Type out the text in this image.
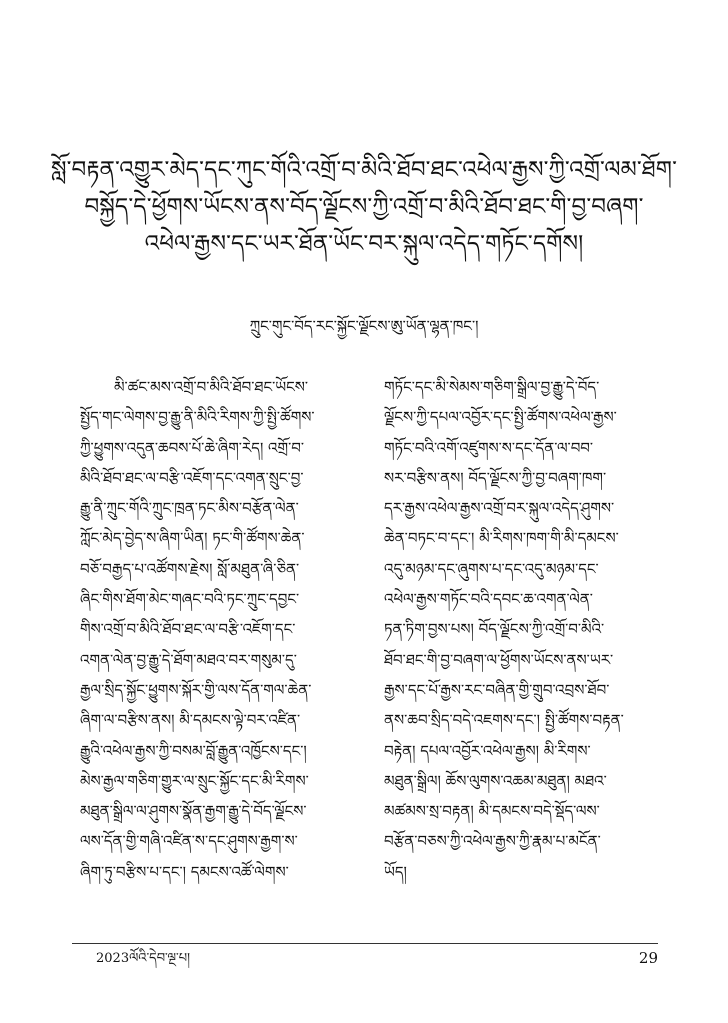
སློ་བརྟན་འགྱུར་མེད་དང་ཀུང་གོའི་འགྲོ་བ་མིའི་ཐོབ་ཐང་འཕེལ་རྒྱས་ཀྱི་འགྲོ་ལམ་ཐོག་
བསྐྱོད་དེ་ཕྱོགས་ཡོངས་ནས་བོད་ལྗོངས་ཀྱི་འགྲོ་བ་མིའི་ཐོབ་ཐང་གི་བྱ་བཞག་
འཕེལ་རྒྱས་དང་ཡར་ཐོན་ཡོང་བར་སྐུལ་འདེད་གཏོང་དགོས།
ཀྲུང་གུང་བོད་རང་སྐྱོང་ལྗོངས་ཨུ་ཡོན་ལྷན་ཁང་།
མི་ཚང་མས་འགྲོ་བ་མིའི་ཐོབ་ཐང་ཡོངས་
སྤྱོད་གང་ལེགས་བྱ་རྒྱུ་ནི་མིའི་རིགས་ཀྱི་སྤྱི་ཚོགས་
ཀྱི་ཕྱུགས་འདུན་ཆབས་པོ་ཆེ་ཞིག་རེད། འགྲོ་བ་
མིའི་ཐོབ་ཐང་ལ་བརྩི་འཇོག་དང་འགན་སྲུང་བྱ་
རྒྱུ་ནི་ཀྲུང་གོའི་ཀྲུང་ཁྲན་ཏང་མིས་བརྩོན་ལེན་
ཀློང་མེད་བྱེད་ས་ཞིག་ཡིན། ཏང་གི་ཚོགས་ཆེན་
བཅོ་བརྒྱད་པ་འཚོགས་རྗེས། སློ་མཐུན་ཞི་ཅིན་
ཞིང་གིས་ཐོག་མེང་གཞང་བའི་ཏང་ཀྲུང་དབྱང་
གིས་འགྲོ་བ་མིའི་ཐོབ་ཐང་ལ་བརྩི་འཇོག་དང་
འགན་ལེན་བྱ་རྒྱུ་དེ་ཐོག་མཐའ་བར་གསུམ་དུ་
རྒྱལ་སྲིད་སྐྱོང་ཕྱུགས་སྐོར་གྱི་ལས་དོན་གལ་ཆེན་
ཞིག་ལ་བརྩིས་ནས། མི་དམངས་ལྟེ་བར་འཛིན་
རྒྱུའི་འཕེལ་རྒྱས་ཀྱི་བསམ་བློ་རྒྱུན་འཁྱོངས་དང་།
མེས་རྒྱལ་གཅིག་གྱུར་ལ་སྲུང་སྐྱོང་དང་མི་རིགས་
མཐུན་སྒྲིལ་ལ་ཤུགས་སྣོན་རྒྱག་རྒྱུ་དེ་བོད་ལྗོངས་
ལས་དོན་གྱི་གཞི་འཛིན་ས་དང་ཤུགས་རྒྱག་ས་
ཞིག་ཏུ་བརྩིས་པ་དང་། དམངས་འཚོ་ལེགས་
གཏོང་དང་མི་སེམས་གཅིག་སྒྲིལ་བྱ་རྒྱུ་དེ་བོད་
ལྗོངས་ཀྱི་དཔལ་འབྱོར་དང་སྤྱི་ཚོགས་འཕེལ་རྒྱས་
གཏོང་བའི་འགོ་འཛུགས་ས་དང་དོན་ལ་བབ་
སར་བརྩིས་ནས། བོད་ལྗོངས་ཀྱི་བྱ་བཞག་ཁག་
དར་རྒྱས་འཕེལ་རྒྱས་འགྲོ་བར་སྐུལ་འདེད་ཤུགས་
ཆེན་བཏང་བ་དང་། མི་རིགས་ཁག་གི་མི་དམངས་
འདུ་མཉམ་དང་ཞུགས་པ་དང་འདུ་མཉམ་དང་
འཕེལ་རྒྱས་གཏོང་བའི་དབང་ཆ་འགན་ལེན་
ཏན་ཏིག་བྱས་པས། བོད་ལྗོངས་ཀྱི་འགྲོ་བ་མིའི་
ཐོབ་ཐང་གི་བྱ་བཞག་ལ་ཕྱོགས་ཡོངས་ནས་ཡར་
རྒྱས་དང་པོ་རྒྱས་རང་བཞིན་གྱི་གྲུབ་འབྲས་ཐོབ་
ནས་ཆབ་སྲིད་བདེ་འཇགས་དང་། སྤྱི་ཚོགས་བརྟན་
བརྟེན། དཔལ་འབྱོར་འཕེལ་རྒྱས། མི་རིགས་
མཐུན་སྒྲིལ། ཆོས་ལུགས་འཆམ་མཐུན། མཐའ་
མཚམས་སྲ་བརྟན། མི་དམངས་བདེ་སྡོད་ལས་
བརྩོན་བཅས་ཀྱི་འཕེལ་རྒྱས་ཀྱི་རྣམ་པ་མངོན་
ཡོད།
2023ལོའི་དེབ་ལྔ་པ།	29
